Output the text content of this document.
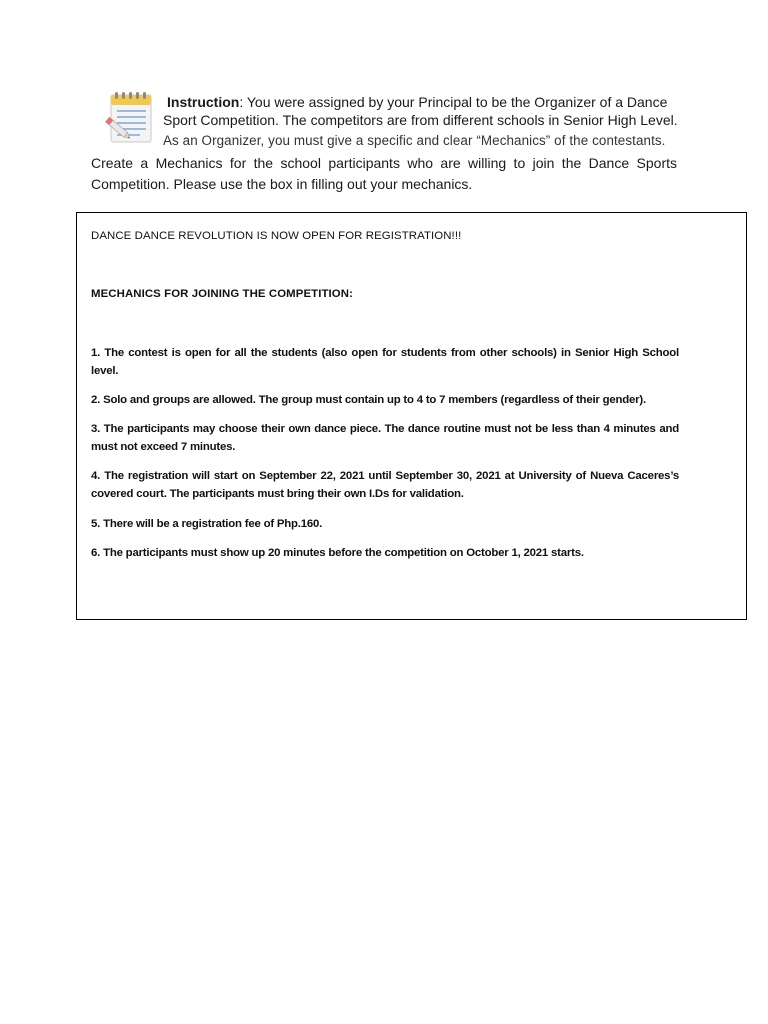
Instruction: You were assigned by your Principal to be the Organizer of a Dance
Sport Competition. The competitors are from different schools in Senior High Level.
As an Organizer, you must give a specific and clear “Mechanics” of the contestants.
Create a Mechanics for the school participants who are willing to join the Dance Sports Competition. Please use the box in filling out your mechanics.
DANCE DANCE REVOLUTION IS NOW OPEN FOR REGISTRATION!!!
MECHANICS FOR JOINING THE COMPETITION:
1. The contest is open for all the students (also open for students from other schools) in Senior High School level.
2. Solo and groups are allowed. The group must contain up to 4 to 7 members (regardless of their gender).
3. The participants may choose their own dance piece. The dance routine must not be less than 4 minutes and must not exceed 7 minutes.
4. The registration will start on September 22, 2021 until September 30, 2021 at University of Nueva Caceres’s covered court. The participants must bring their own I.Ds for validation.
5. There will be a registration fee of Php.160.
6. The participants must show up 20 minutes before the competition on October 1, 2021 starts.
